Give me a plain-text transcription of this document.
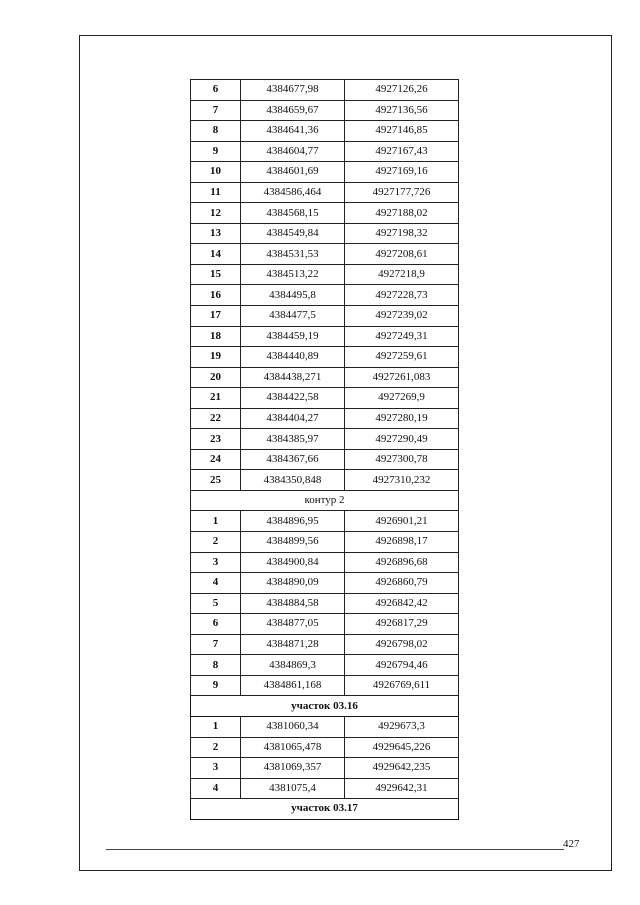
6	4384677,98	4927126,26
7	4384659,67	4927136,56
8	4384641,36	4927146,85
9	4384604,77	4927167,43
10	4384601,69	4927169,16
11	4384586,464	4927177,726
12	4384568,15	4927188,02
13	4384549,84	4927198,32
14	4384531,53	4927208,61
15	4384513,22	4927218,9
16	4384495,8	4927228,73
17	4384477,5	4927239,02
18	4384459,19	4927249,31
19	4384440,89	4927259,61
20	4384438,271	4927261,083
21	4384422,58	4927269,9
22	4384404,27	4927280,19
23	4384385,97	4927290,49
24	4384367,66	4927300,78
25	4384350,848	4927310,232
контур 2		
1	4384896,95	4926901,21
2	4384899,56	4926898,17
3	4384900,84	4926896,68
4	4384890,09	4926860,79
5	4384884,58	4926842,42
6	4384877,05	4926817,29
7	4384871,28	4926798,02
8	4384869,3	4926794,46
9	4384861,168	4926769,611
участок 03.16		
1	4381060,34	4929673,3
2	4381065,478	4929645,226
3	4381069,357	4929642,235
4	4381075,4	4929642,31
участок 03.17		
427
